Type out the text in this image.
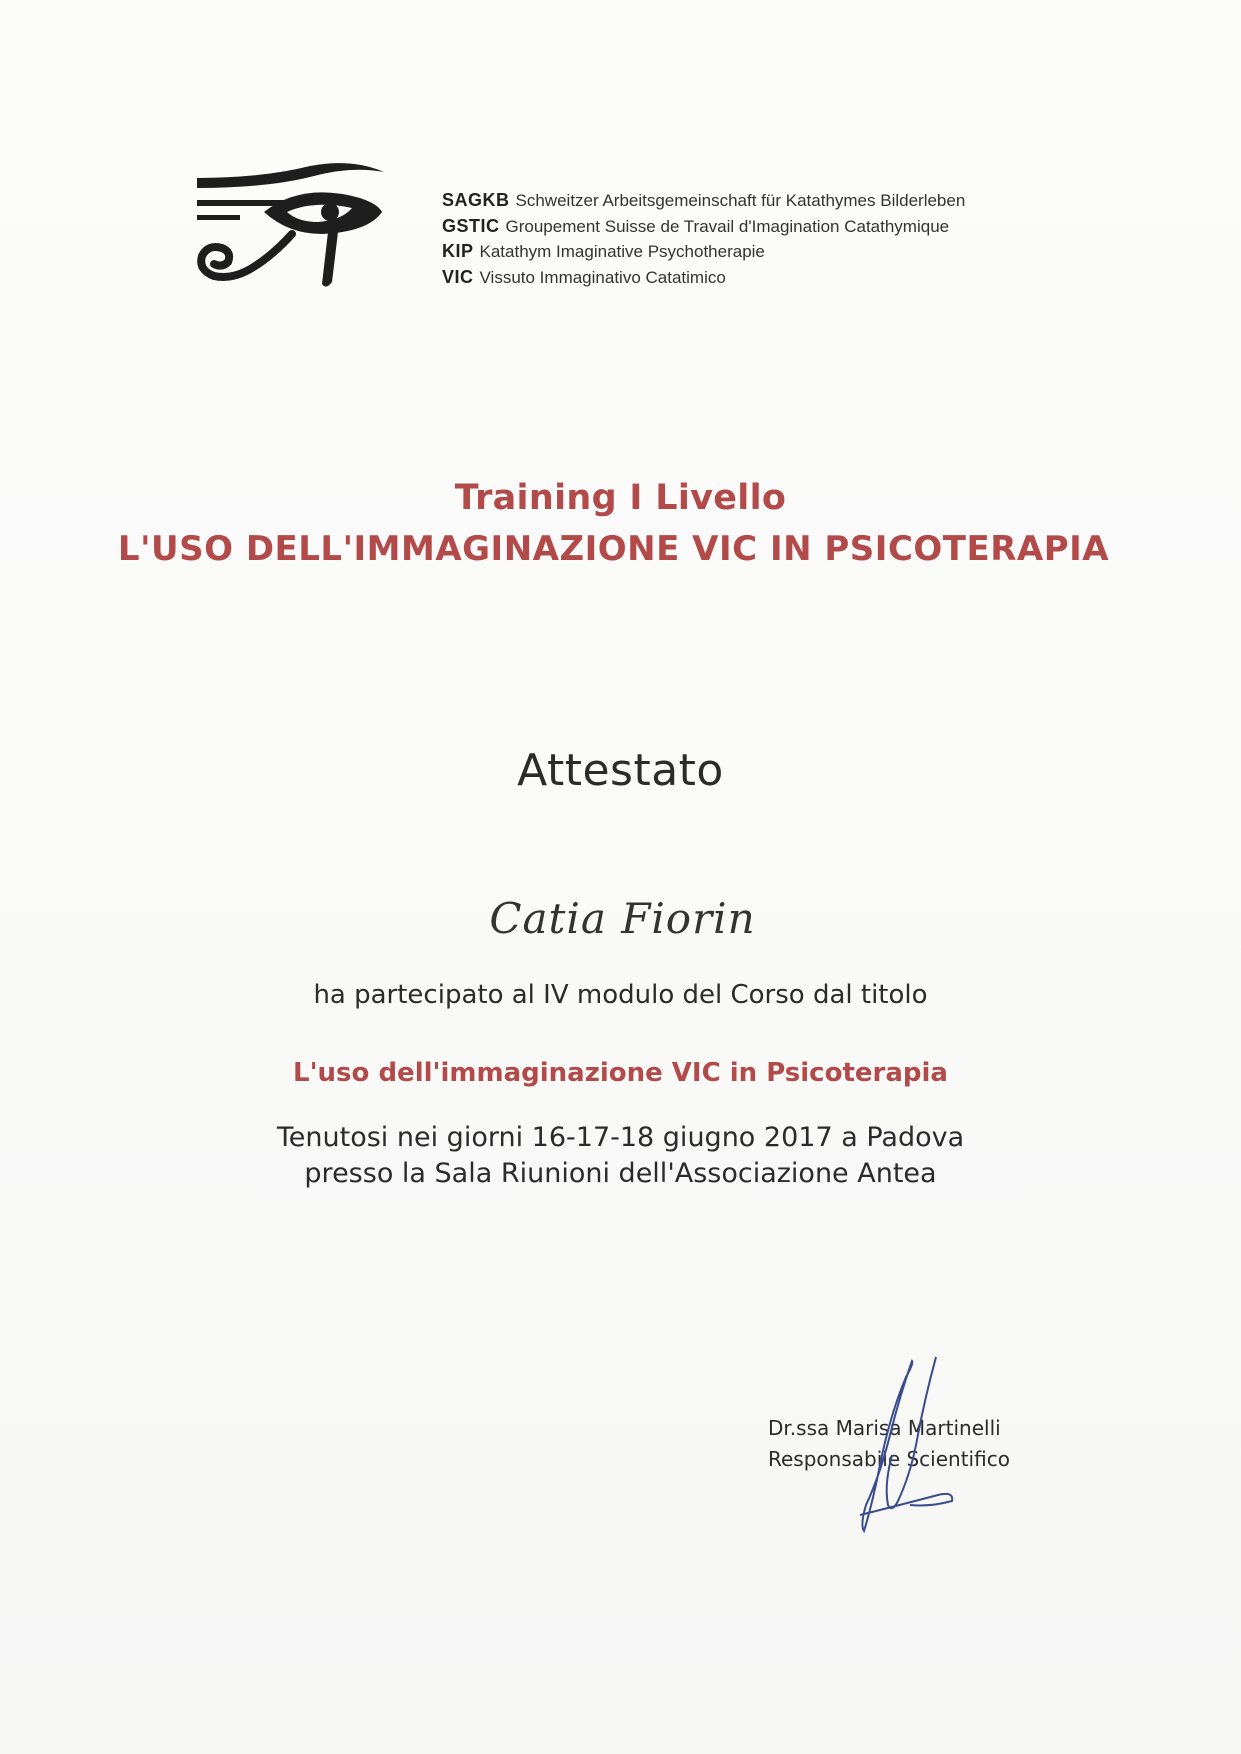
SAGKB Schweitzer Arbeitsgemeinschaft für Katathymes Bilderleben
GSTIC Groupement Suisse de Travail d'Imagination Catathymique
KIP Katathym Imaginative Psychotherapie
VIC Vissuto Immaginativo Catatimico
Training I Livello
L'USO DELL'IMMAGINAZIONE VIC IN PSICOTERAPIA
Attestato
Catia Fiorin
ha partecipato al IV modulo del Corso dal titolo
L'uso dell'immaginazione VIC in Psicoterapia
Tenutosi nei giorni 16-17-18 giugno 2017 a Padova
presso la Sala Riunioni dell'Associazione Antea
Dr.ssa Marisa Martinelli
Responsabile Scientifico
